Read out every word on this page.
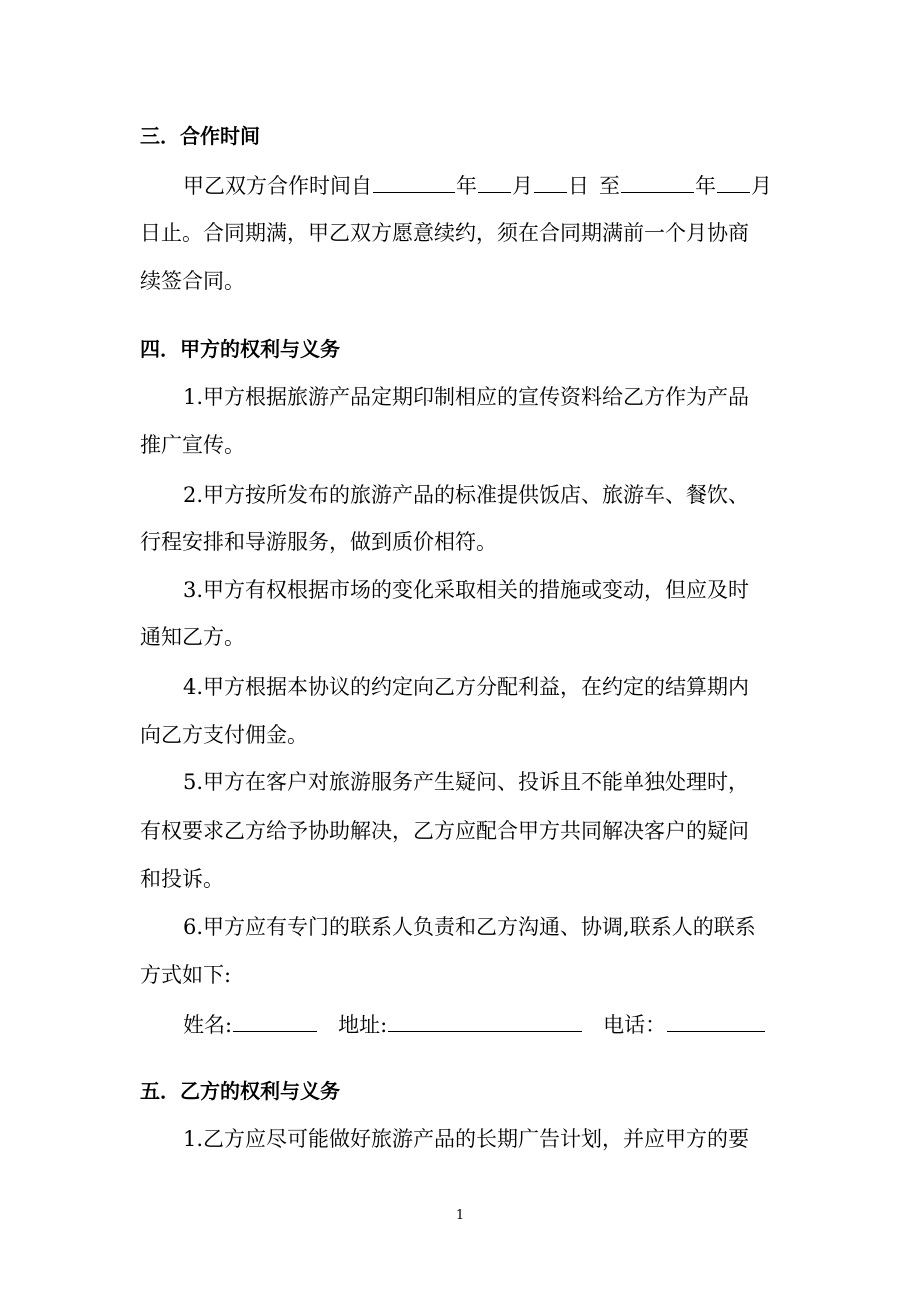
三．合作时间
甲乙双方合作时间自	年 月 日 至	年 月
日止。合同期满，甲乙双方愿意续约，须在合同期满前一个月协商
续签合同。
四．甲方的权利与义务
1.甲方根据旅游产品定期印制相应的宣传资料给乙方作为产品
推广宣传。
2.甲方按所发布的旅游产品的标准提供饭店、旅游车、餐饮、
行程安排和导游服务，做到质价相符。
3.甲方有权根据市场的变化采取相关的措施或变动，但应及时
通知乙方。
4.甲方根据本协议的约定向乙方分配利益，在约定的结算期内
向乙方支付佣金。
5.甲方在客户对旅游服务产生疑问、投诉且不能单独处理时，
有权要求乙方给予协助解决，乙方应配合甲方共同解决客户的疑问
和投诉。
6.甲方应有专门的联系人负责和乙方沟通、协调,联系人的联系
方式如下:
姓名:	地址:	电话：
五．乙方的权利与义务
1.乙方应尽可能做好旅游产品的长期广告计划，并应甲方的要
1
